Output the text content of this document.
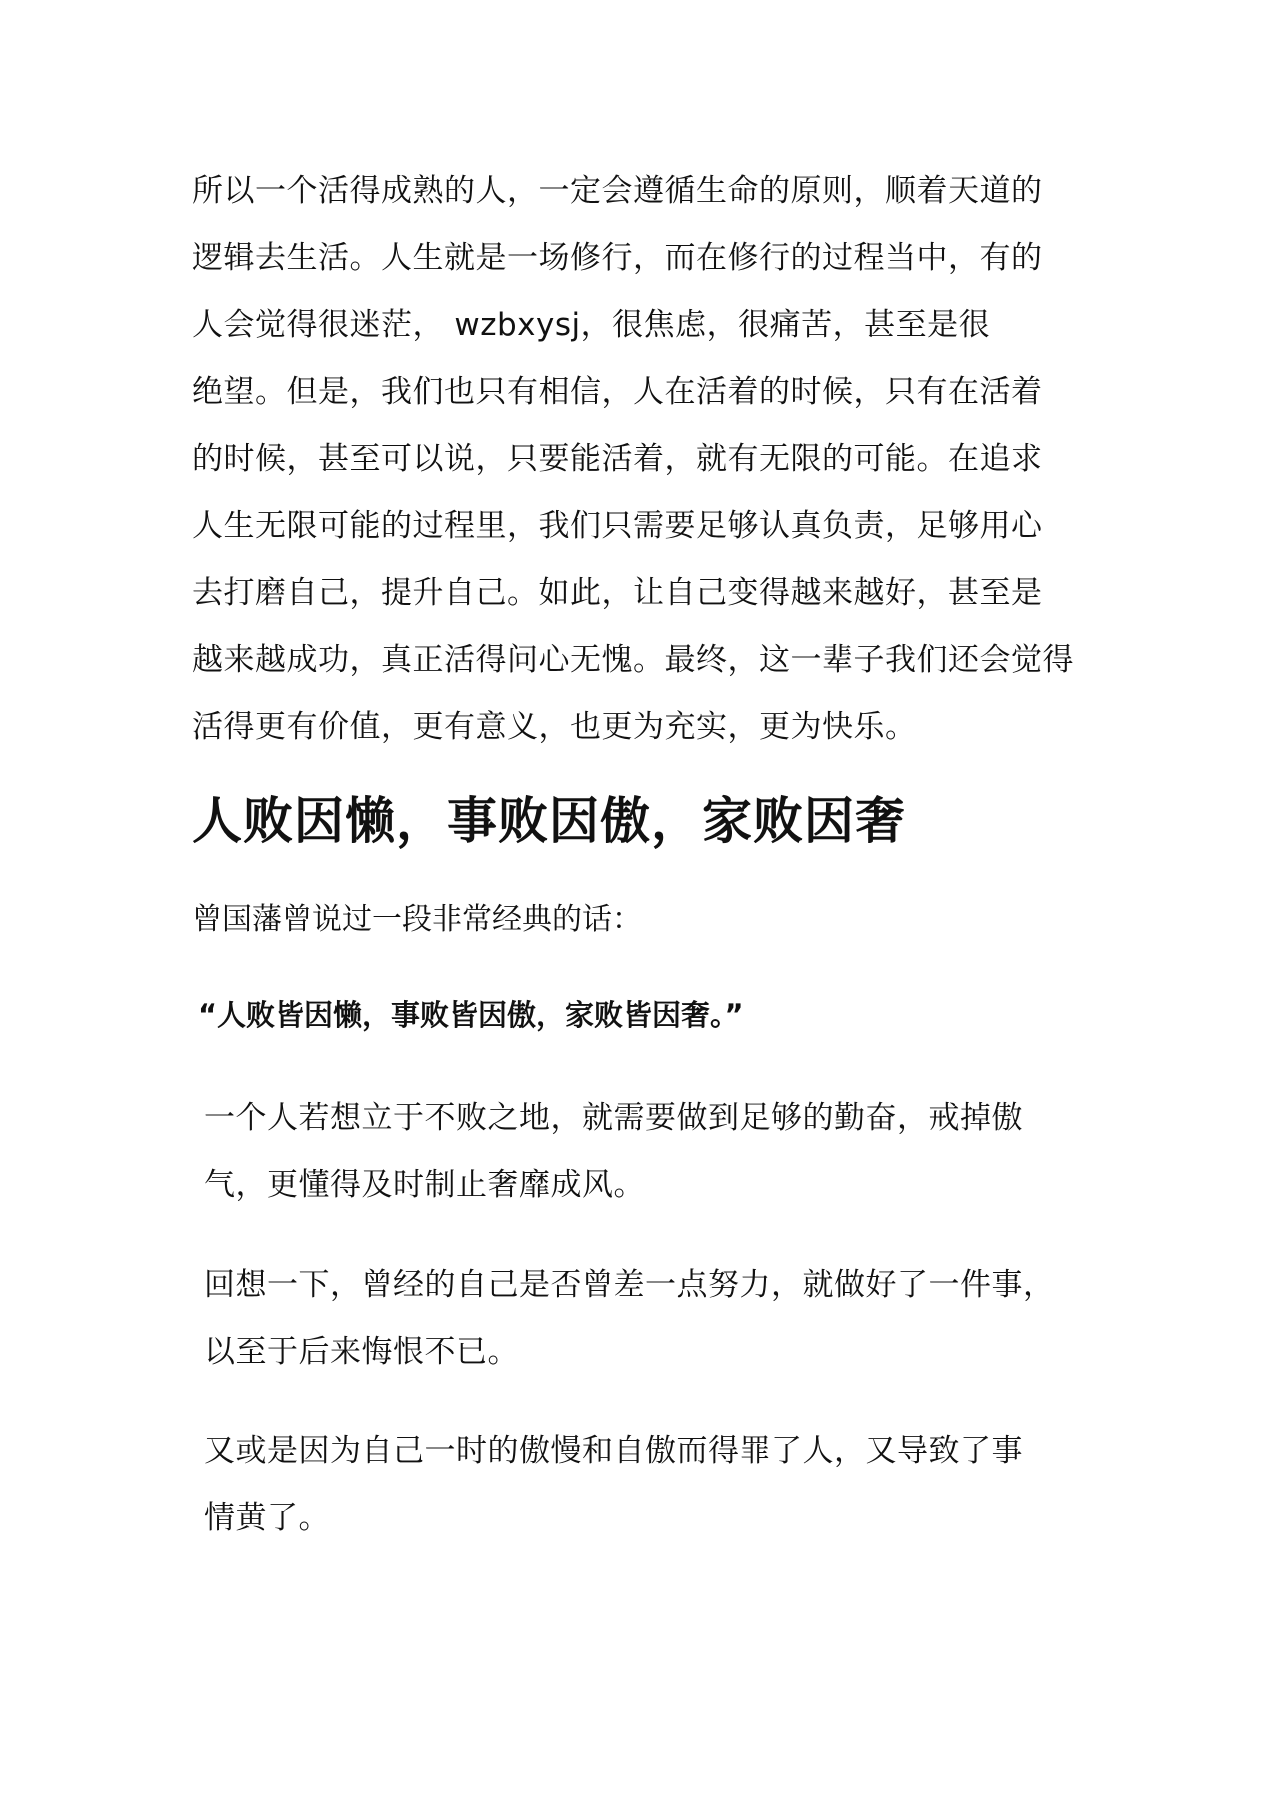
所以一个活得成熟的人，一定会遵循生命的原则，顺着天道的
逻辑去生活。人生就是一场修行，而在修行的过程当中，有的
人会觉得很迷茫， wzbxysj，很焦虑，很痛苦，甚至是很
绝望。但是，我们也只有相信，人在活着的时候，只有在活着
的时候，甚至可以说，只要能活着，就有无限的可能。在追求
人生无限可能的过程里，我们只需要足够认真负责，足够用心
去打磨自己，提升自己。如此，让自己变得越来越好，甚至是
越来越成功，真正活得问心无愧。最终，这一辈子我们还会觉得
活得更有价值，更有意义，也更为充实，更为快乐。
人败因懒，事败因傲，家败因奢
曾国藩曾说过一段非常经典的话：
“人败皆因懒，事败皆因傲，家败皆因奢。”
一个人若想立于不败之地，就需要做到足够的勤奋，戒掉傲
气，更懂得及时制止奢靡成风。
回想一下，曾经的自己是否曾差一点努力，就做好了一件事，
以至于后来悔恨不已。
又或是因为自己一时的傲慢和自傲而得罪了人，又导致了事
情黄了。
